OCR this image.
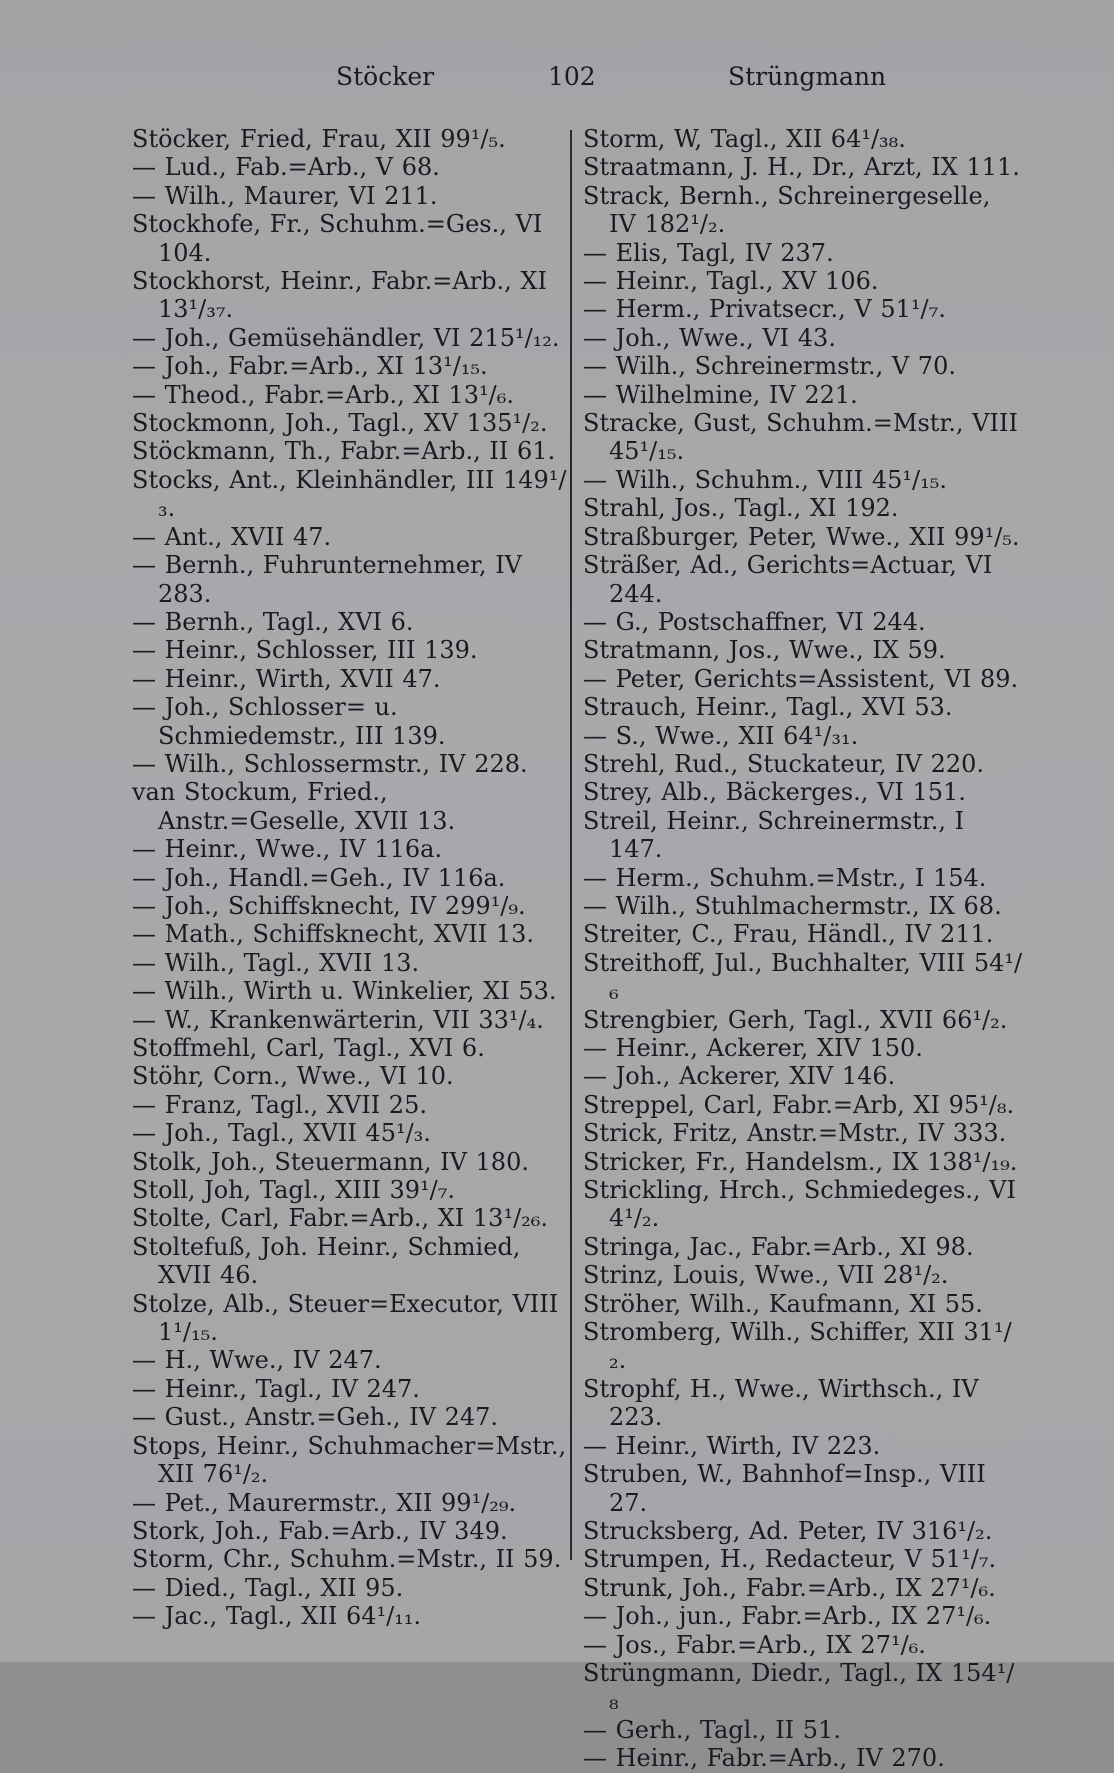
Stöcker	102	Strüngmann
Stöcker, Fried, Frau, XII 99¹/₅.
— Lud., Fab.=Arb., V 68.
— Wilh., Maurer, VI 211.
Stockhofe, Fr., Schuhm.=Ges., VI 104.
Stockhorst, Heinr., Fabr.=Arb., XI 13¹/₃₇.
— Joh., Gemüsehändler, VI 215¹/₁₂.
— Joh., Fabr.=Arb., XI 13¹/₁₅.
— Theod., Fabr.=Arb., XI 13¹/₆.
Stockmonn, Joh., Tagl., XV 135¹/₂.
Stöckmann, Th., Fabr.=Arb., II 61.
Stocks, Ant., Kleinhändler, III 149¹/₃.
— Ant., XVII 47.
— Bernh., Fuhrunternehmer, IV 283.
— Bernh., Tagl., XVI 6.
— Heinr., Schlosser, III 139.
— Heinr., Wirth, XVII 47.
— Joh., Schlosser= u. Schmiedemstr., III 139.
— Wilh., Schlossermstr., IV 228.
van Stockum, Fried., Anstr.=Geselle, XVII 13.
— Heinr., Wwe., IV 116a.
— Joh., Handl.=Geh., IV 116a.
— Joh., Schiffsknecht, IV 299¹/₉.
— Math., Schiffsknecht, XVII 13.
— Wilh., Tagl., XVII 13.
— Wilh., Wirth u. Winkelier, XI 53.
— W., Krankenwärterin, VII 33¹/₄.
Stoffmehl, Carl, Tagl., XVI 6.
Stöhr, Corn., Wwe., VI 10.
— Franz, Tagl., XVII 25.
— Joh., Tagl., XVII 45¹/₃.
Stolk, Joh., Steuermann, IV 180.
Stoll, Joh, Tagl., XIII 39¹/₇.
Stolte, Carl, Fabr.=Arb., XI 13¹/₂₆.
Stoltefuß, Joh. Heinr., Schmied, XVII 46.
Stolze, Alb., Steuer=Executor, VIII 1¹/₁₅.
— H., Wwe., IV 247.
— Heinr., Tagl., IV 247.
— Gust., Anstr.=Geh., IV 247.
Stops, Heinr., Schuhmacher=Mstr., XII 76¹/₂.
— Pet., Maurermstr., XII 99¹/₂₉.
Stork, Joh., Fab.=Arb., IV 349.
Storm, Chr., Schuhm.=Mstr., II 59.
— Died., Tagl., XII 95.
— Jac., Tagl., XII 64¹/₁₁.
Storm, W, Tagl., XII 64¹/₃₈.
Straatmann, J. H., Dr., Arzt, IX 111.
Strack, Bernh., Schreinergeselle, IV 182¹/₂.
— Elis, Tagl, IV 237.
— Heinr., Tagl., XV 106.
— Herm., Privatsecr., V 51¹/₇.
— Joh., Wwe., VI 43.
— Wilh., Schreinermstr., V 70.
— Wilhelmine, IV 221.
Stracke, Gust, Schuhm.=Mstr., VIII 45¹/₁₅.
— Wilh., Schuhm., VIII 45¹/₁₅.
Strahl, Jos., Tagl., XI 192.
Straßburger, Peter, Wwe., XII 99¹/₅.
Sträßer, Ad., Gerichts=Actuar, VI 244.
— G., Postschaffner, VI 244.
Stratmann, Jos., Wwe., IX 59.
— Peter, Gerichts=Assistent, VI 89.
Strauch, Heinr., Tagl., XVI 53.
— S., Wwe., XII 64¹/₃₁.
Strehl, Rud., Stuckateur, IV 220.
Strey, Alb., Bäckerges., VI 151.
Streil, Heinr., Schreinermstr., I 147.
— Herm., Schuhm.=Mstr., I 154.
— Wilh., Stuhlmachermstr., IX 68.
Streiter, C., Frau, Händl., IV 211.
Streithoff, Jul., Buchhalter, VIII 54¹/₆
Strengbier, Gerh, Tagl., XVII 66¹/₂.
— Heinr., Ackerer, XIV 150.
— Joh., Ackerer, XIV 146.
Streppel, Carl, Fabr.=Arb, XI 95¹/₈.
Strick, Fritz, Anstr.=Mstr., IV 333.
Stricker, Fr., Handelsm., IX 138¹/₁₉.
Strickling, Hrch., Schmiedeges., VI 4¹/₂.
Stringa, Jac., Fabr.=Arb., XI 98.
Strinz, Louis, Wwe., VII 28¹/₂.
Ströher, Wilh., Kaufmann, XI 55.
Stromberg, Wilh., Schiffer, XII 31¹/₂.
Strophf, H., Wwe., Wirthsch., IV 223.
— Heinr., Wirth, IV 223.
Struben, W., Bahnhof=Insp., VIII 27.
Strucksberg, Ad. Peter, IV 316¹/₂.
Strumpen, H., Redacteur, V 51¹/₇.
Strunk, Joh., Fabr.=Arb., IX 27¹/₆.
— Joh., jun., Fabr.=Arb., IX 27¹/₆.
— Jos., Fabr.=Arb., IX 27¹/₆.
Strüngmann, Diedr., Tagl., IX 154¹/₈
— Gerh., Tagl., II 51.
— Heinr., Fabr.=Arb., IV 270.
